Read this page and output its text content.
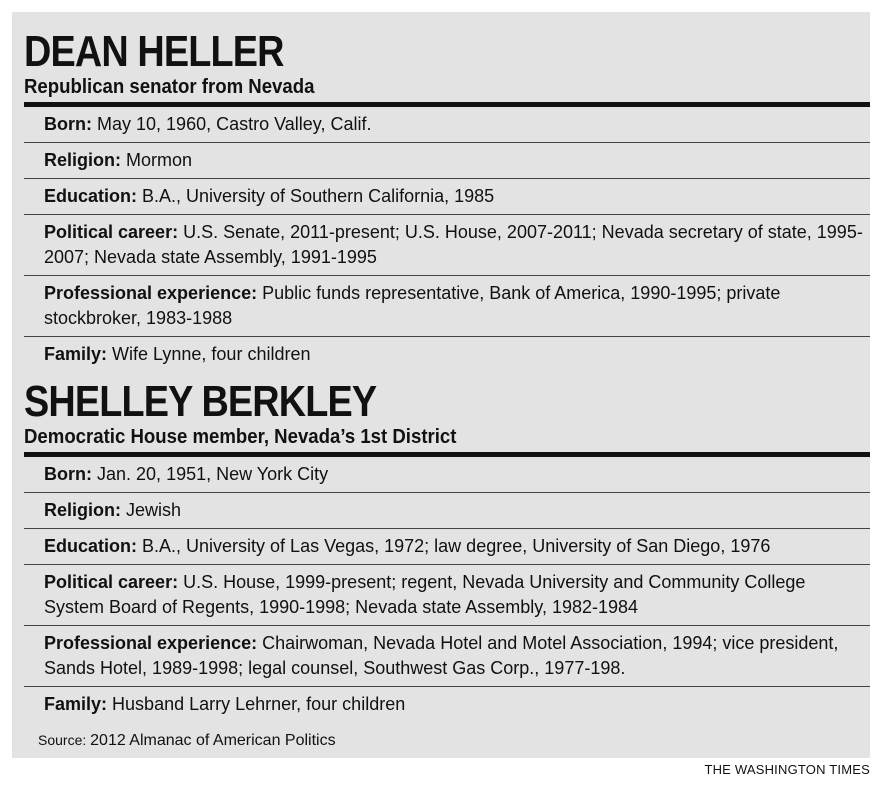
DEAN HELLER
Republican senator from Nevada
Born: May 10, 1960, Castro Valley, Calif.
Religion: Mormon
Education: B.A., University of Southern California, 1985
Political career: U.S. Senate, 2011-present; U.S. House, 2007-2011; Nevada secretary of state, 1995-2007; Nevada state Assembly, 1991-1995
Professional experience: Public funds representative, Bank of America, 1990-1995; private stockbroker, 1983-1988
Family: Wife Lynne, four children
SHELLEY BERKLEY
Democratic House member, Nevada’s 1st District
Born: Jan. 20, 1951, New York City
Religion: Jewish
Education: B.A., University of Las Vegas, 1972; law degree, University of San Diego, 1976
Political career: U.S. House, 1999-present; regent, Nevada University and Community College System Board of Regents, 1990-1998; Nevada state Assembly, 1982-1984
Professional experience: Chairwoman, Nevada Hotel and Motel Association, 1994; vice president, Sands Hotel, 1989-1998; legal counsel, Southwest Gas Corp., 1977-198.
Family: Husband Larry Lehrner, four children
Source: 2012 Almanac of American Politics
THE WASHINGTON TIMES
